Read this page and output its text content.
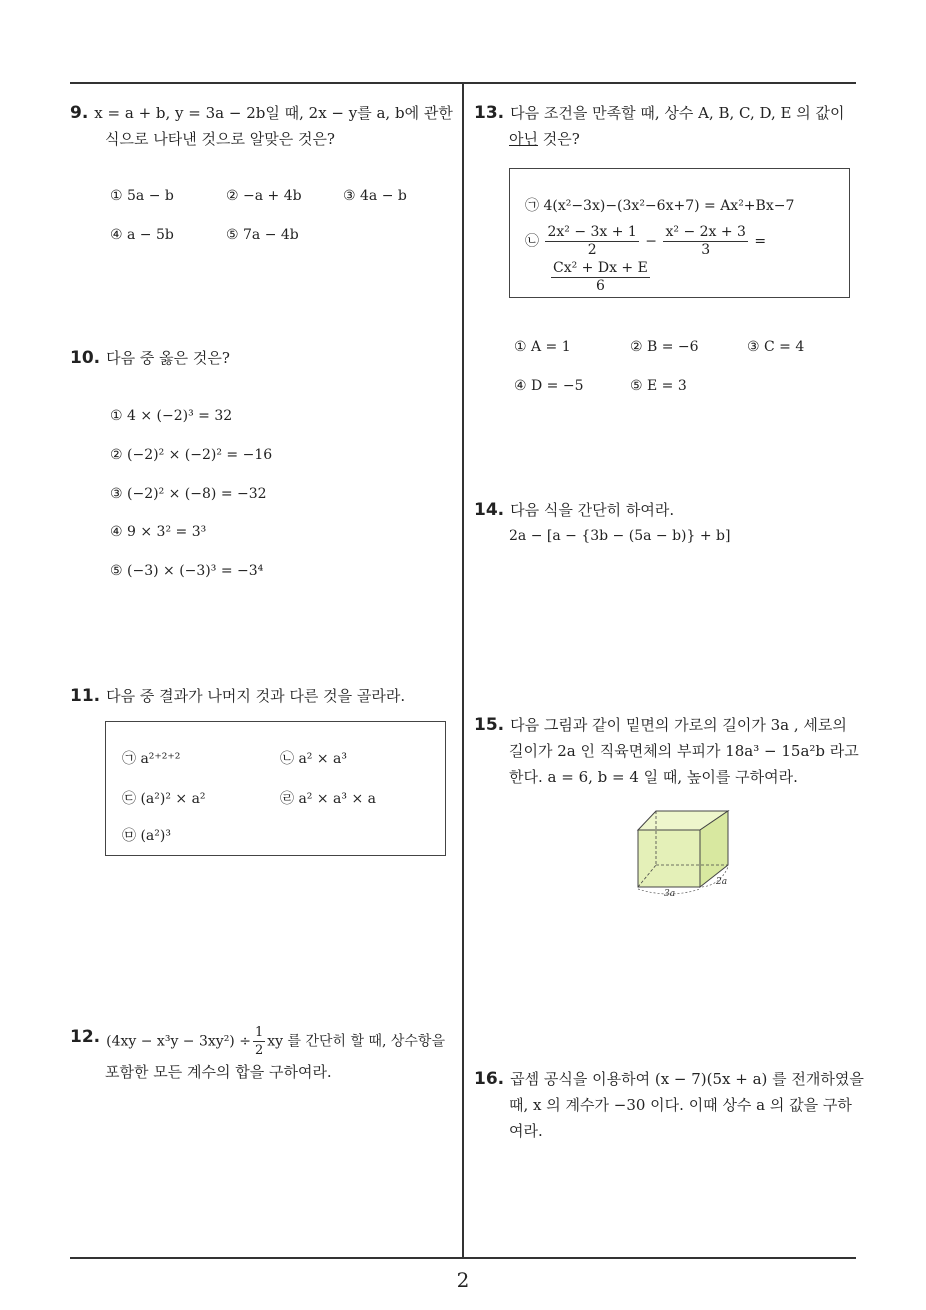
9. x = a + b, y = 3a − 2b일 때, 2x − y를 a, b에 관한
식으로 나타낸 것으로 알맞은 것은?
① 5a − b	② −a + 4b	③ 4a − b
④ a − 5b	⑤ 7a − 4b
10. 다음 중 옳은 것은?
① 4 × (−2)³ = 32
② (−2)² × (−2)² = −16
③ (−2)² × (−8) = −32
④ 9 × 3² = 3³
⑤ (−3) × (−3)³ = −3⁴
11. 다음 중 결과가 나머지 것과 다른 것을 골라라.
㉠ a²⁺²⁺²	㉡ a² × a³
㉢ (a²)² × a²	㉣ a² × a³ × a
㉤ (a²)³
12. $(4xy - x^3y - 3xy^2) \div \frac{1}{2}$ xy 를 간단히 할 때, 상수항을
포함한 모든 계수의 합을 구하여라.
13. 다음 조건을 만족할 때, 상수 A, B, C, D, E 의 값이
아닌 것은?
㉠ 4(x²−3x)−(3x²−6x+7) = Ax²+Bx−7
㉡ $\frac{\text{2x² − 3x + 1}}{2} - \frac{\text{x² − 2x + 3}}{3}$ =
$\frac{\text{Cx² + Dx + E}}{6}$
① A = 1	② B = −6	③ C = 4
④ D = −5	⑤ E = 3
14. 다음 식을 간단히 하여라.
2a − [a − {3b − (5a − b)} + b]
15. 다음 그림과 같이 밑면의 가로의 길이가 3a , 세로의
길이가 2a 인 직육면체의 부피가 18a³ − 15a²b 라고
한다. a = 6, b = 4 일 때, 높이를 구하여라.
3a
2a
16. 곱셈 공식을 이용하여 (x − 7)(5x + a) 를 전개하였을
때, x 의 계수가 −30 이다. 이때 상수 a 의 값을 구하
여라.
2
